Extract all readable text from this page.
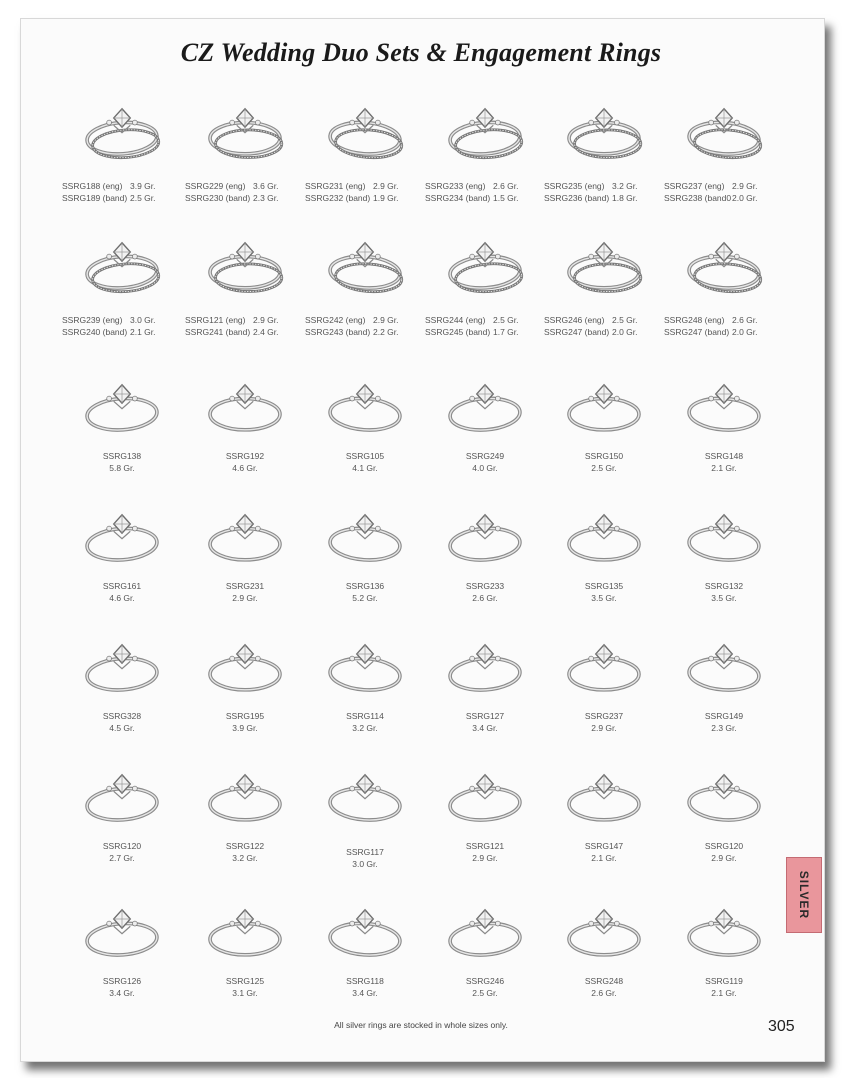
CZ Wedding Duo Sets & Engagement Rings
SSRG188 (eng) 3.9 Gr.
SSRG189 (band) 2.5 Gr.
SSRG229 (eng) 3.6 Gr.
SSRG230 (band) 2.3 Gr.
SSRG231 (eng) 2.9 Gr.
SSRG232 (band) 1.9 Gr.
SSRG233 (eng) 2.6 Gr.
SSRG234 (band) 1.5 Gr.
SSRG235 (eng) 3.2 Gr.
SSRG236 (band) 1.8 Gr.
SSRG237 (eng) 2.9 Gr.
SSRG238 (band02.0 Gr.
SSRG239 (eng) 3.0 Gr.
SSRG240 (band) 2.1 Gr.
SSRG121 (eng) 2.9 Gr.
SSRG241 (band) 2.4 Gr.
SSRG242 (eng) 2.9 Gr.
SSRG243 (band) 2.2 Gr.
SSRG244 (eng) 2.5 Gr.
SSRG245 (band) 1.7 Gr.
SSRG246 (eng) 2.5 Gr.
SSRG247 (band) 2.0 Gr.
SSRG248 (eng) 2.6 Gr.
SSRG247 (band) 2.0 Gr.
SSRG138
5.8 Gr.
SSRG192
4.6 Gr.
SSRG105
4.1 Gr.
SSRG249
4.0 Gr.
SSRG150
2.5 Gr.
SSRG148
2.1 Gr.
SSRG161
4.6 Gr.
SSRG231
2.9 Gr.
SSRG136
5.2 Gr.
SSRG233
2.6 Gr.
SSRG135
3.5 Gr.
SSRG132
3.5 Gr.
SSRG328
4.5 Gr.
SSRG195
3.9 Gr.
SSRG114
3.2 Gr.
SSRG127
3.4 Gr.
SSRG237
2.9 Gr.
SSRG149
2.3 Gr.
SSRG120
2.7 Gr.
SSRG122
3.2 Gr.
SSRG117
3.0 Gr.
SSRG121
2.9 Gr.
SSRG147
2.1 Gr.
SSRG120
2.9 Gr.
SSRG126
3.4 Gr.
SSRG125
3.1 Gr.
SSRG118
3.4 Gr.
SSRG246
2.5 Gr.
SSRG248
2.6 Gr.
SSRG119
2.1 Gr.
SILVER
All silver rings are stocked in whole sizes only.	305
